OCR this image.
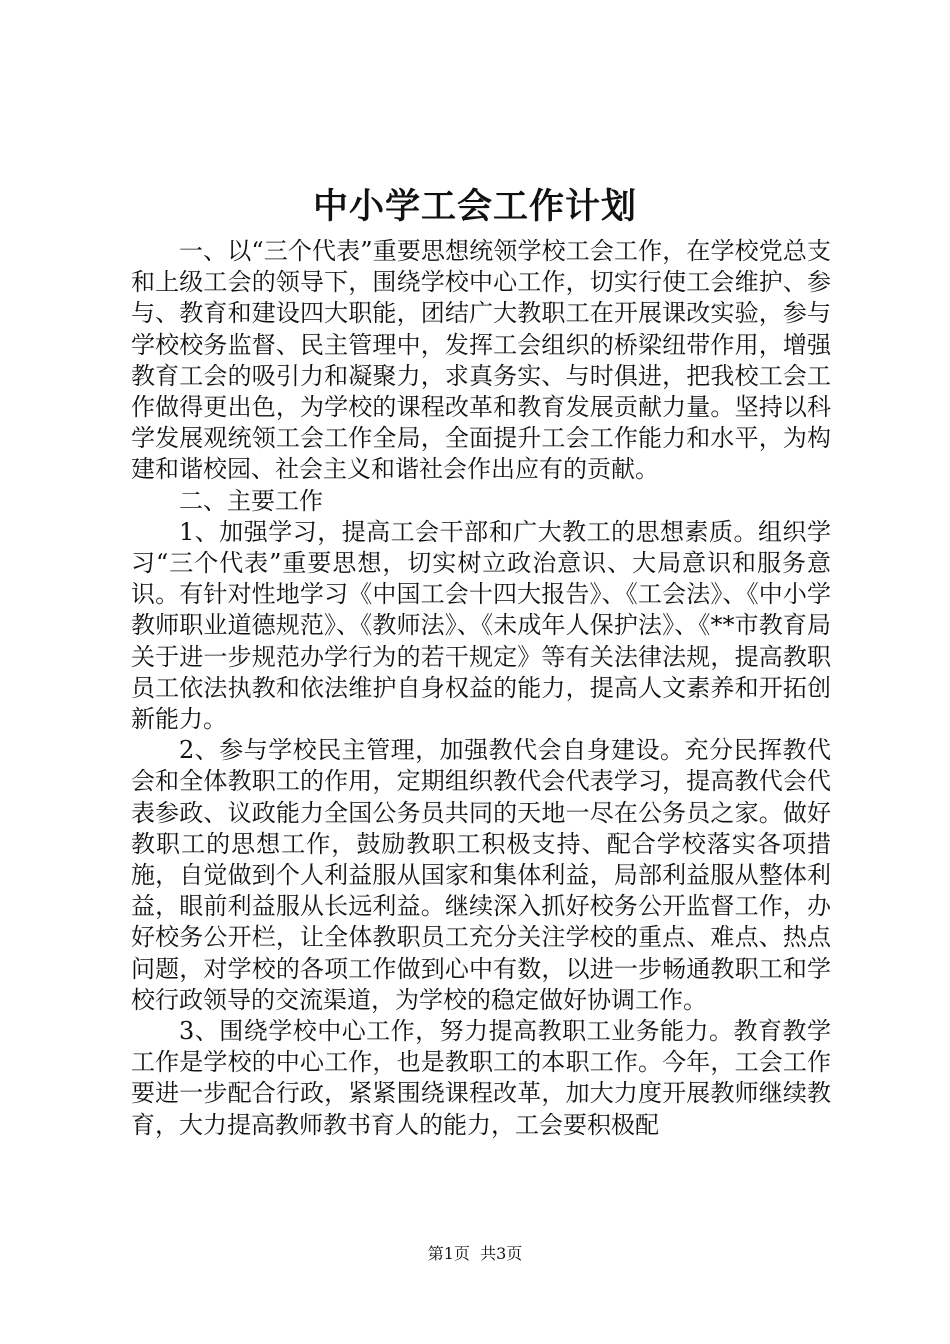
中小学工会工作计划

一、以“三个代表”重要思想统领学校工会工作，在学校党总支和上级工会的领导下，围绕学校中心工作，切实行使工会维护、参与、教育和建设四大职能，团结广大教职工在开展课改实验，参与学校校务监督、民主管理中，发挥工会组织的桥梁纽带作用，增强教育工会的吸引力和凝聚力，求真务实、与时俱进，把我校工会工作做得更出色，为学校的课程改革和教育发展贡献力量。坚持以科学发展观统领工会工作全局，全面提升工会工作能力和水平，为构建和谐校园、社会主义和谐社会作出应有的贡献。

二、主要工作

1、加强学习，提高工会干部和广大教工的思想素质。组织学习“三个代表”重要思想，切实树立政治意识、大局意识和服务意识。有针对性地学习《中国工会十四大报告》、《工会法》、《中小学教师职业道德规范》、《教师法》、《未成年人保护法》、《**市教育局关于进一步规范办学行为的若干规定》等有关法律法规，提高教职员工依法执教和依法维护自身权益的能力，提高人文素养和开拓创新能力。

2、参与学校民主管理，加强教代会自身建设。充分民挥教代会和全体教职工的作用，定期组织教代会代表学习，提高教代会代表参政、议政能力全国公务员共同的天地一尽在公务员之家。做好教职工的思想工作，鼓励教职工积极支持、配合学校落实各项措施，自觉做到个人利益服从国家和集体利益，局部利益服从整体利益，眼前利益服从长远利益。继续深入抓好校务公开监督工作，办好校务公开栏，让全体教职员工充分关注学校的重点、难点、热点问题，对学校的各项工作做到心中有数，以进一步畅通教职工和学校行政领导的交流渠道，为学校的稳定做好协调工作。

3、围绕学校中心工作，努力提高教职工业务能力。教育教学工作是学校的中心工作，也是教职工的本职工作。今年，工会工作要进一步配合行政，紧紧围绕课程改革，加大力度开展教师继续教育，大力提高教师教书育人的能力，工会要积极配

第1页  共3页
